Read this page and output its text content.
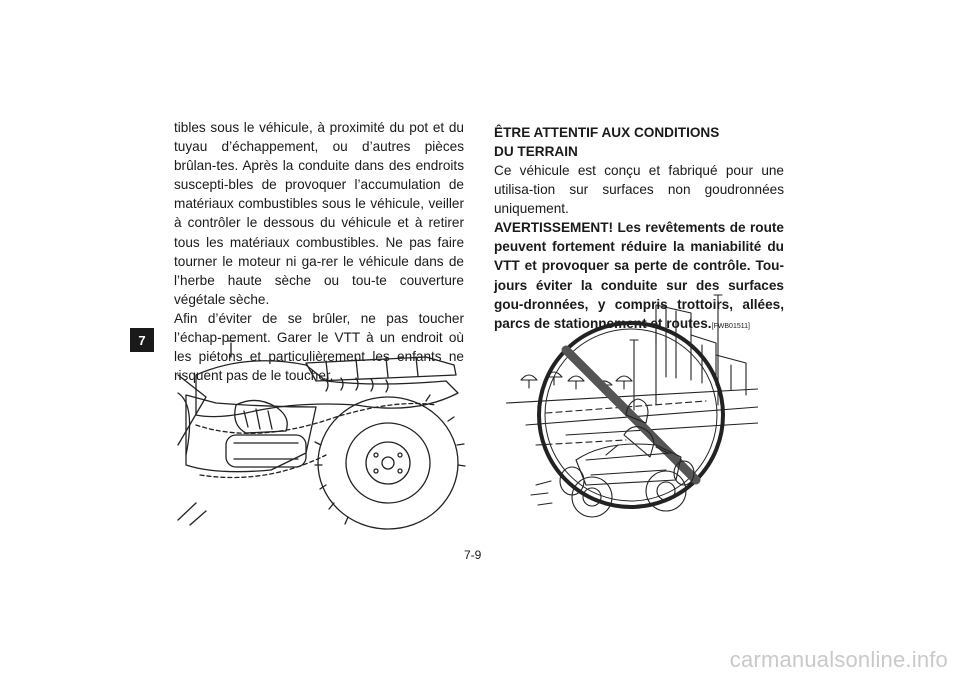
7

tibles sous le véhicule, à proximité du pot et du tuyau d’échappement, ou d’autres pièces brûlan-tes. Après la conduite dans des endroits suscepti-bles de provoquer l’accumulation de matériaux combustibles sous le véhicule, veiller à contrôler le dessous du véhicule et à retirer tous les matériaux combustibles. Ne pas faire tourner le moteur ni ga-rer le véhicule dans de l’herbe haute sèche ou tou-te couverture végétale sèche.

Afin d’éviter de se brûler, ne pas toucher l’échap-pement. Garer le VTT à un endroit où les piétons et particulièrement les enfants ne risquent pas de le toucher.

ÊTRE ATTENTIF AUX CONDITIONS
DU TERRAIN

Ce véhicule est conçu et fabriqué pour une utilisa-tion sur surfaces non goudronnées uniquement.

AVERTISSEMENT! Les revêtements de route peuvent fortement réduire la maniabilité du VTT et provoquer sa perte de contrôle. Tou-jours éviter la conduite sur des surfaces gou-dronnées, y compris trottoirs, allées, parcs de stationnement et routes.[FWB01511]

7-9
carmanualsonline.info
